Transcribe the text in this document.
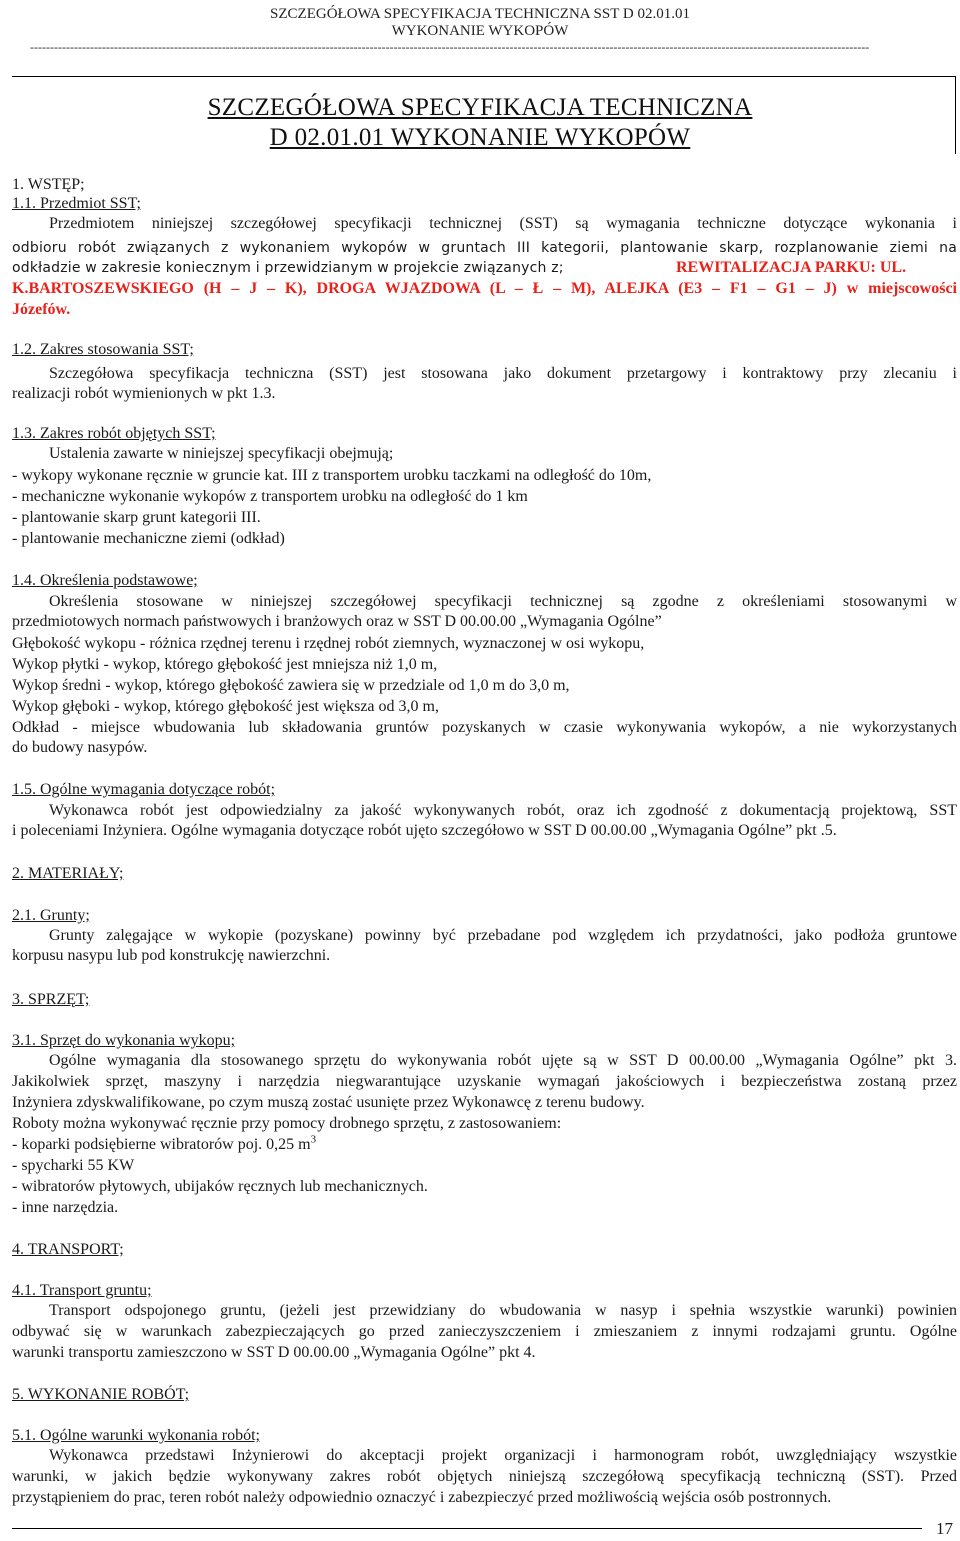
SZCZEGÓŁOWA SPECYFIKACJA TECHNICZNA SST D 02.01.01
WYKONANIE WYKOPÓW
------------------------------------------------------------------------------------------------------------------------------------------------------------------------------------------------------------------
SZCZEGÓŁOWA SPECYFIKACJA TECHNICZNA
D 02.01.01 WYKONANIE WYKOPÓW
1. WSTĘP;
1.1. Przedmiot SST;
Przedmiotem niniejszej szczegółowej specyfikacji technicznej (SST) są wymagania techniczne dotyczące wykonania i
odbioru robót związanych z wykonaniem wykopów w gruntach III kategorii, plantowanie skarp, rozplanowanie ziemi na
odkładzie w zakresie koniecznym i przewidzianym w projekcie związanych z;	REWITALIZACJA PARKU: UL.
K.BARTOSZEWSKIEGO (H – J – K), DROGA WJAZDOWA (L – Ł – M), ALEJKA (E3 – F1 – G1 – J) w miejscowości
Józefów.
1.2. Zakres stosowania SST;
Szczegółowa specyfikacja techniczna (SST) jest stosowana jako dokument przetargowy i kontraktowy przy zlecaniu i
realizacji robót wymienionych w pkt 1.3.
1.3. Zakres robót objętych SST;
Ustalenia zawarte w niniejszej specyfikacji obejmują;
- wykopy wykonane ręcznie w gruncie kat. III z transportem urobku taczkami na odległość do 10m,
- mechaniczne wykonanie wykopów z transportem urobku na odległość do 1 km
- plantowanie skarp grunt kategorii III.
- plantowanie mechaniczne ziemi (odkład)
1.4. Określenia podstawowe;
Określenia stosowane w niniejszej szczegółowej specyfikacji technicznej są zgodne z określeniami stosowanymi w
przedmiotowych normach państwowych i branżowych oraz w SST D 00.00.00 „Wymagania Ogólne”
Głębokość wykopu - różnica rzędnej terenu i rzędnej robót ziemnych, wyznaczonej w osi wykopu,
Wykop płytki - wykop, którego głębokość jest mniejsza niż 1,0 m,
Wykop średni - wykop, którego głębokość zawiera się w przedziale od 1,0 m do 3,0 m,
Wykop głęboki - wykop, którego głębokość jest większa od 3,0 m,
Odkład - miejsce wbudowania lub składowania gruntów pozyskanych w czasie wykonywania wykopów, a nie wykorzystanych
do budowy nasypów.
1.5. Ogólne wymagania dotyczące robót;
Wykonawca robót jest odpowiedzialny za jakość wykonywanych robót, oraz ich zgodność z dokumentacją projektową, SST
i poleceniami Inżyniera. Ogólne wymagania dotyczące robót ujęto szczegółowo w SST D 00.00.00 „Wymagania Ogólne” pkt .5.
2. MATERIAŁY;
2.1. Grunty;
Grunty zalęgające w wykopie (pozyskane) powinny być przebadane pod względem ich przydatności, jako podłoża gruntowe
korpusu nasypu lub pod konstrukcję nawierzchni.
3. SPRZĘT;
3.1. Sprzęt do wykonania wykopu;
Ogólne wymagania dla stosowanego sprzętu do wykonywania robót ujęte są w SST D 00.00.00 „Wymagania Ogólne” pkt 3.
Jakikolwiek sprzęt, maszyny i narzędzia niegwarantujące uzyskanie wymagań jakościowych i bezpieczeństwa zostaną przez
Inżyniera zdyskwalifikowane, po czym muszą zostać usunięte przez Wykonawcę z terenu budowy.
Roboty można wykonywać ręcznie przy pomocy drobnego sprzętu, z zastosowaniem:
- koparki podsiębierne wibratorów poj. 0,25 $m^3$
- spycharki 55 KW
- wibratorów płytowych, ubijaków ręcznych lub mechanicznych.
- inne narzędzia.
4. TRANSPORT;
4.1. Transport gruntu;
Transport odspojonego gruntu, (jeżeli jest przewidziany do wbudowania w nasyp i spełnia wszystkie warunki) powinien
odbywać się w warunkach zabezpieczających go przed zanieczyszczeniem i zmieszaniem z innymi rodzajami gruntu. Ogólne
warunki transportu zamieszczono w SST D 00.00.00 „Wymagania Ogólne” pkt 4.
5. WYKONANIE ROBÓT;
5.1. Ogólne warunki wykonania robót;
Wykonawca przedstawi Inżynierowi do akceptacji projekt organizacji i harmonogram robót, uwzględniający wszystkie
warunki, w jakich będzie wykonywany zakres robót objętych niniejszą szczegółową specyfikacją techniczną (SST). Przed
przystąpieniem do prac, teren robót należy odpowiednio oznaczyć i zabezpieczyć przed możliwością wejścia osób postronnych.
17
